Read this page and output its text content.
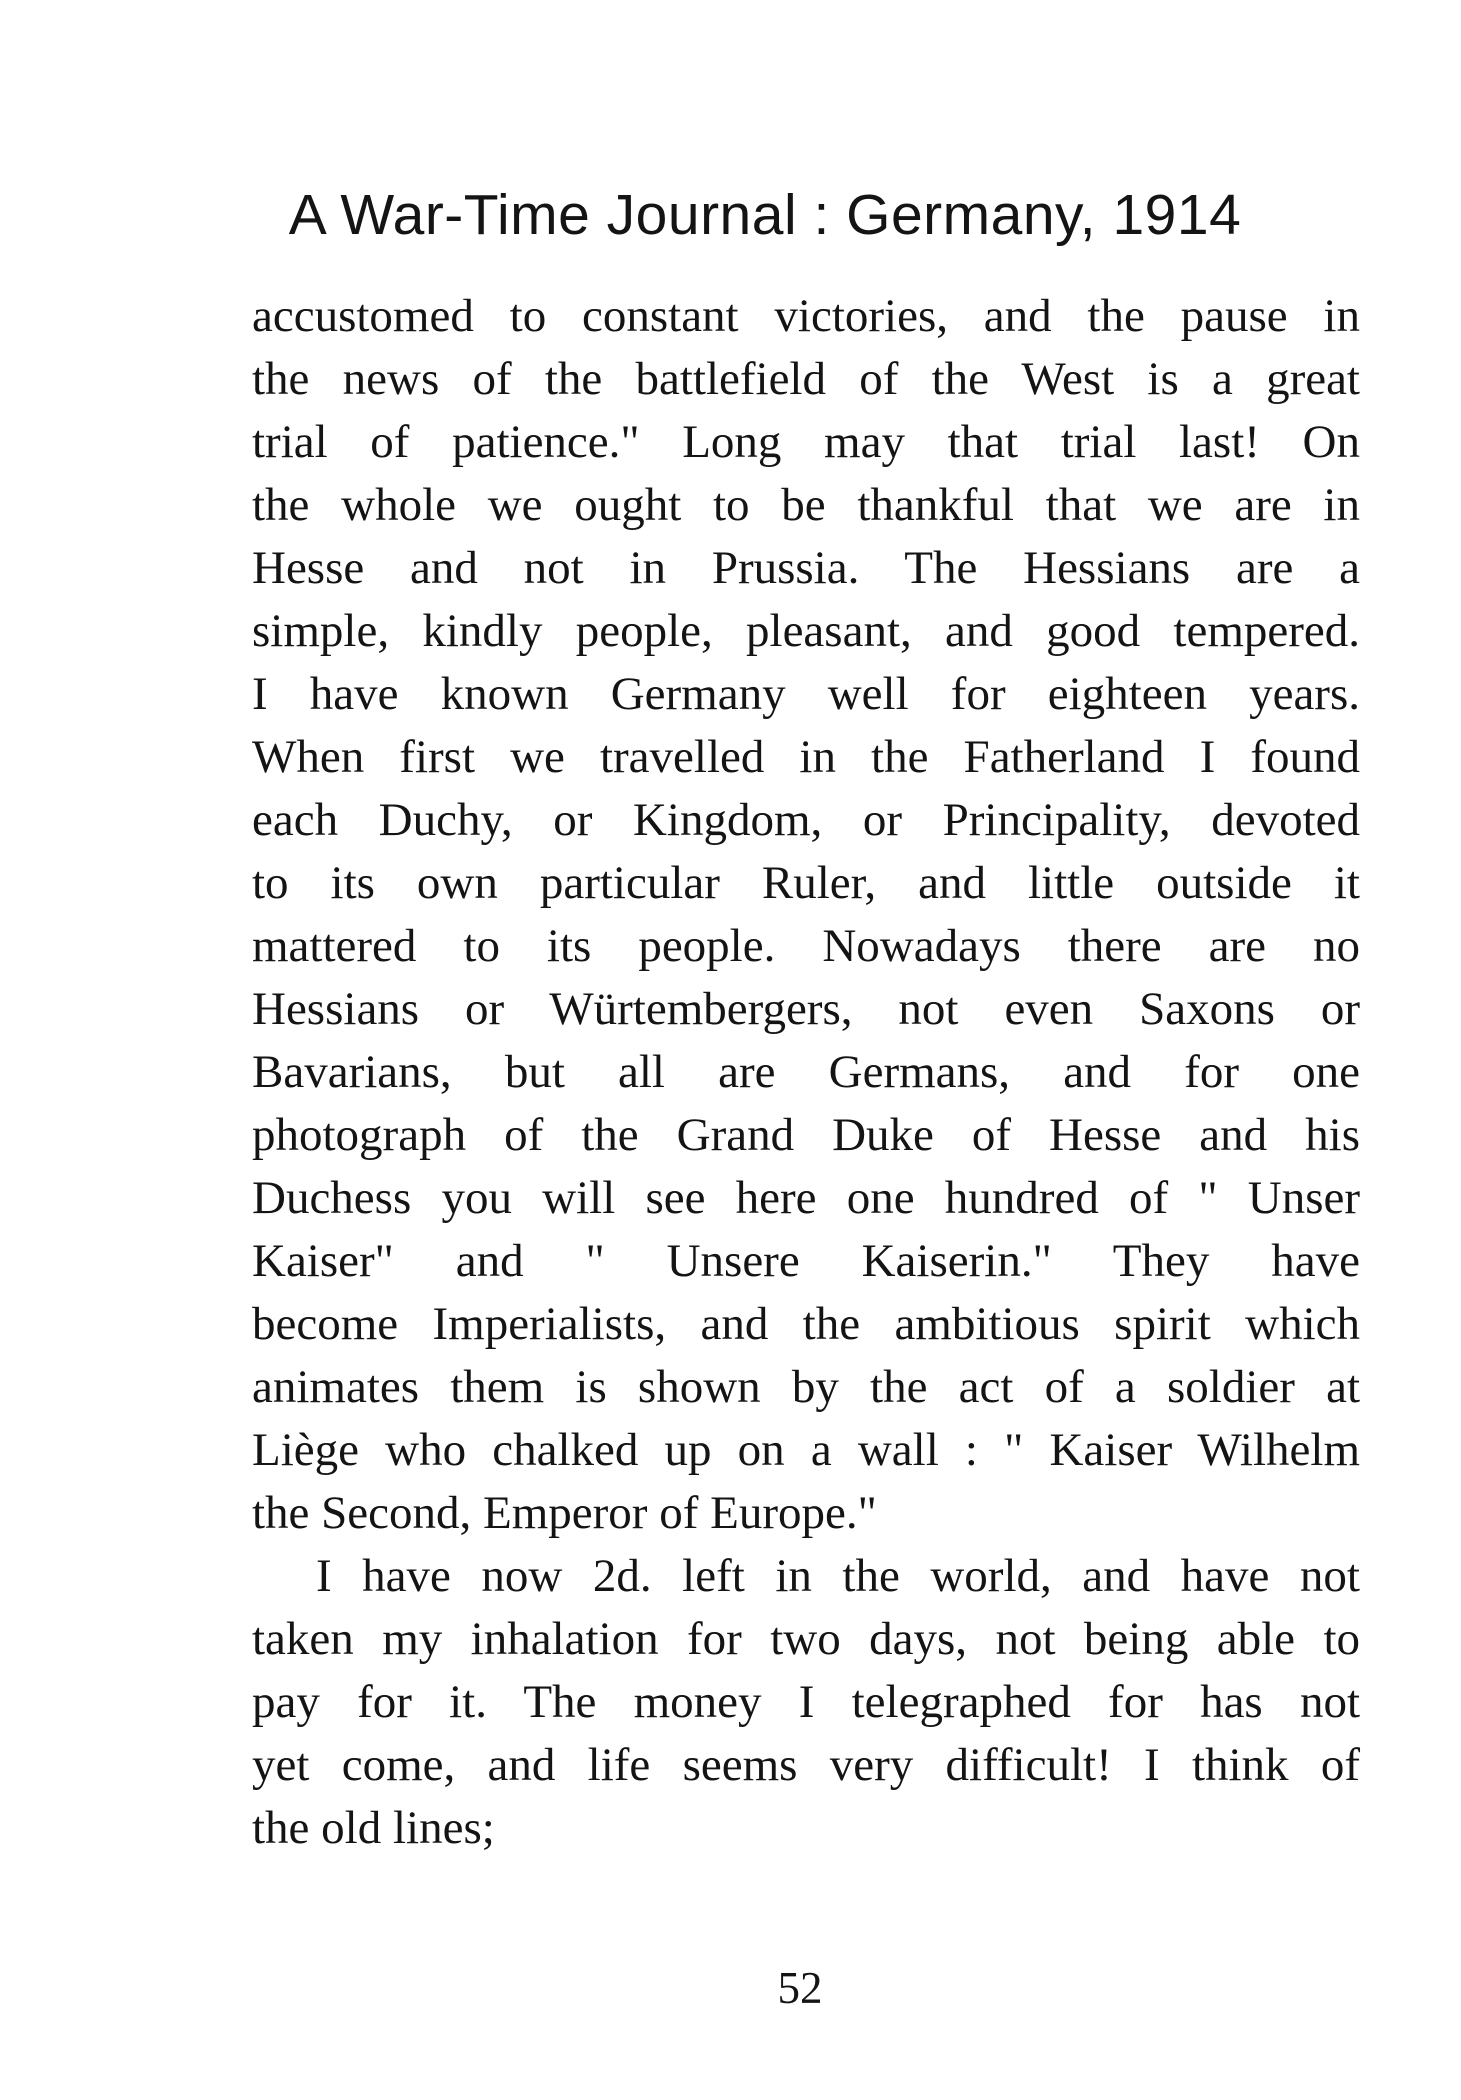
A War-Time Journal : Germany, 1914
accustomed to constant victories, and the pause in
the news of the battlefield of the West is a great
trial of patience." Long may that trial last! On
the whole we ought to be thankful that we are in
Hesse and not in Prussia. The Hessians are a
simple, kindly people, pleasant, and good tempered.
I have known Germany well for eighteen years.
When first we travelled in the Fatherland I found
each Duchy, or Kingdom, or Principality, devoted
to its own particular Ruler, and little outside it
mattered to its people. Nowadays there are no
Hessians or Würtembergers, not even Saxons or
Bavarians, but all are Germans, and for one
photograph of the Grand Duke of Hesse and his
Duchess you will see here one hundred of " Unser
Kaiser" and " Unsere Kaiserin." They have
become Imperialists, and the ambitious spirit which
animates them is shown by the act of a soldier at
Liège who chalked up on a wall : " Kaiser Wilhelm
the Second, Emperor of Europe."
I have now 2d. left in the world, and have not
taken my inhalation for two days, not being able to
pay for it. The money I telegraphed for has not
yet come, and life seems very difficult! I think of
the old lines;
52
